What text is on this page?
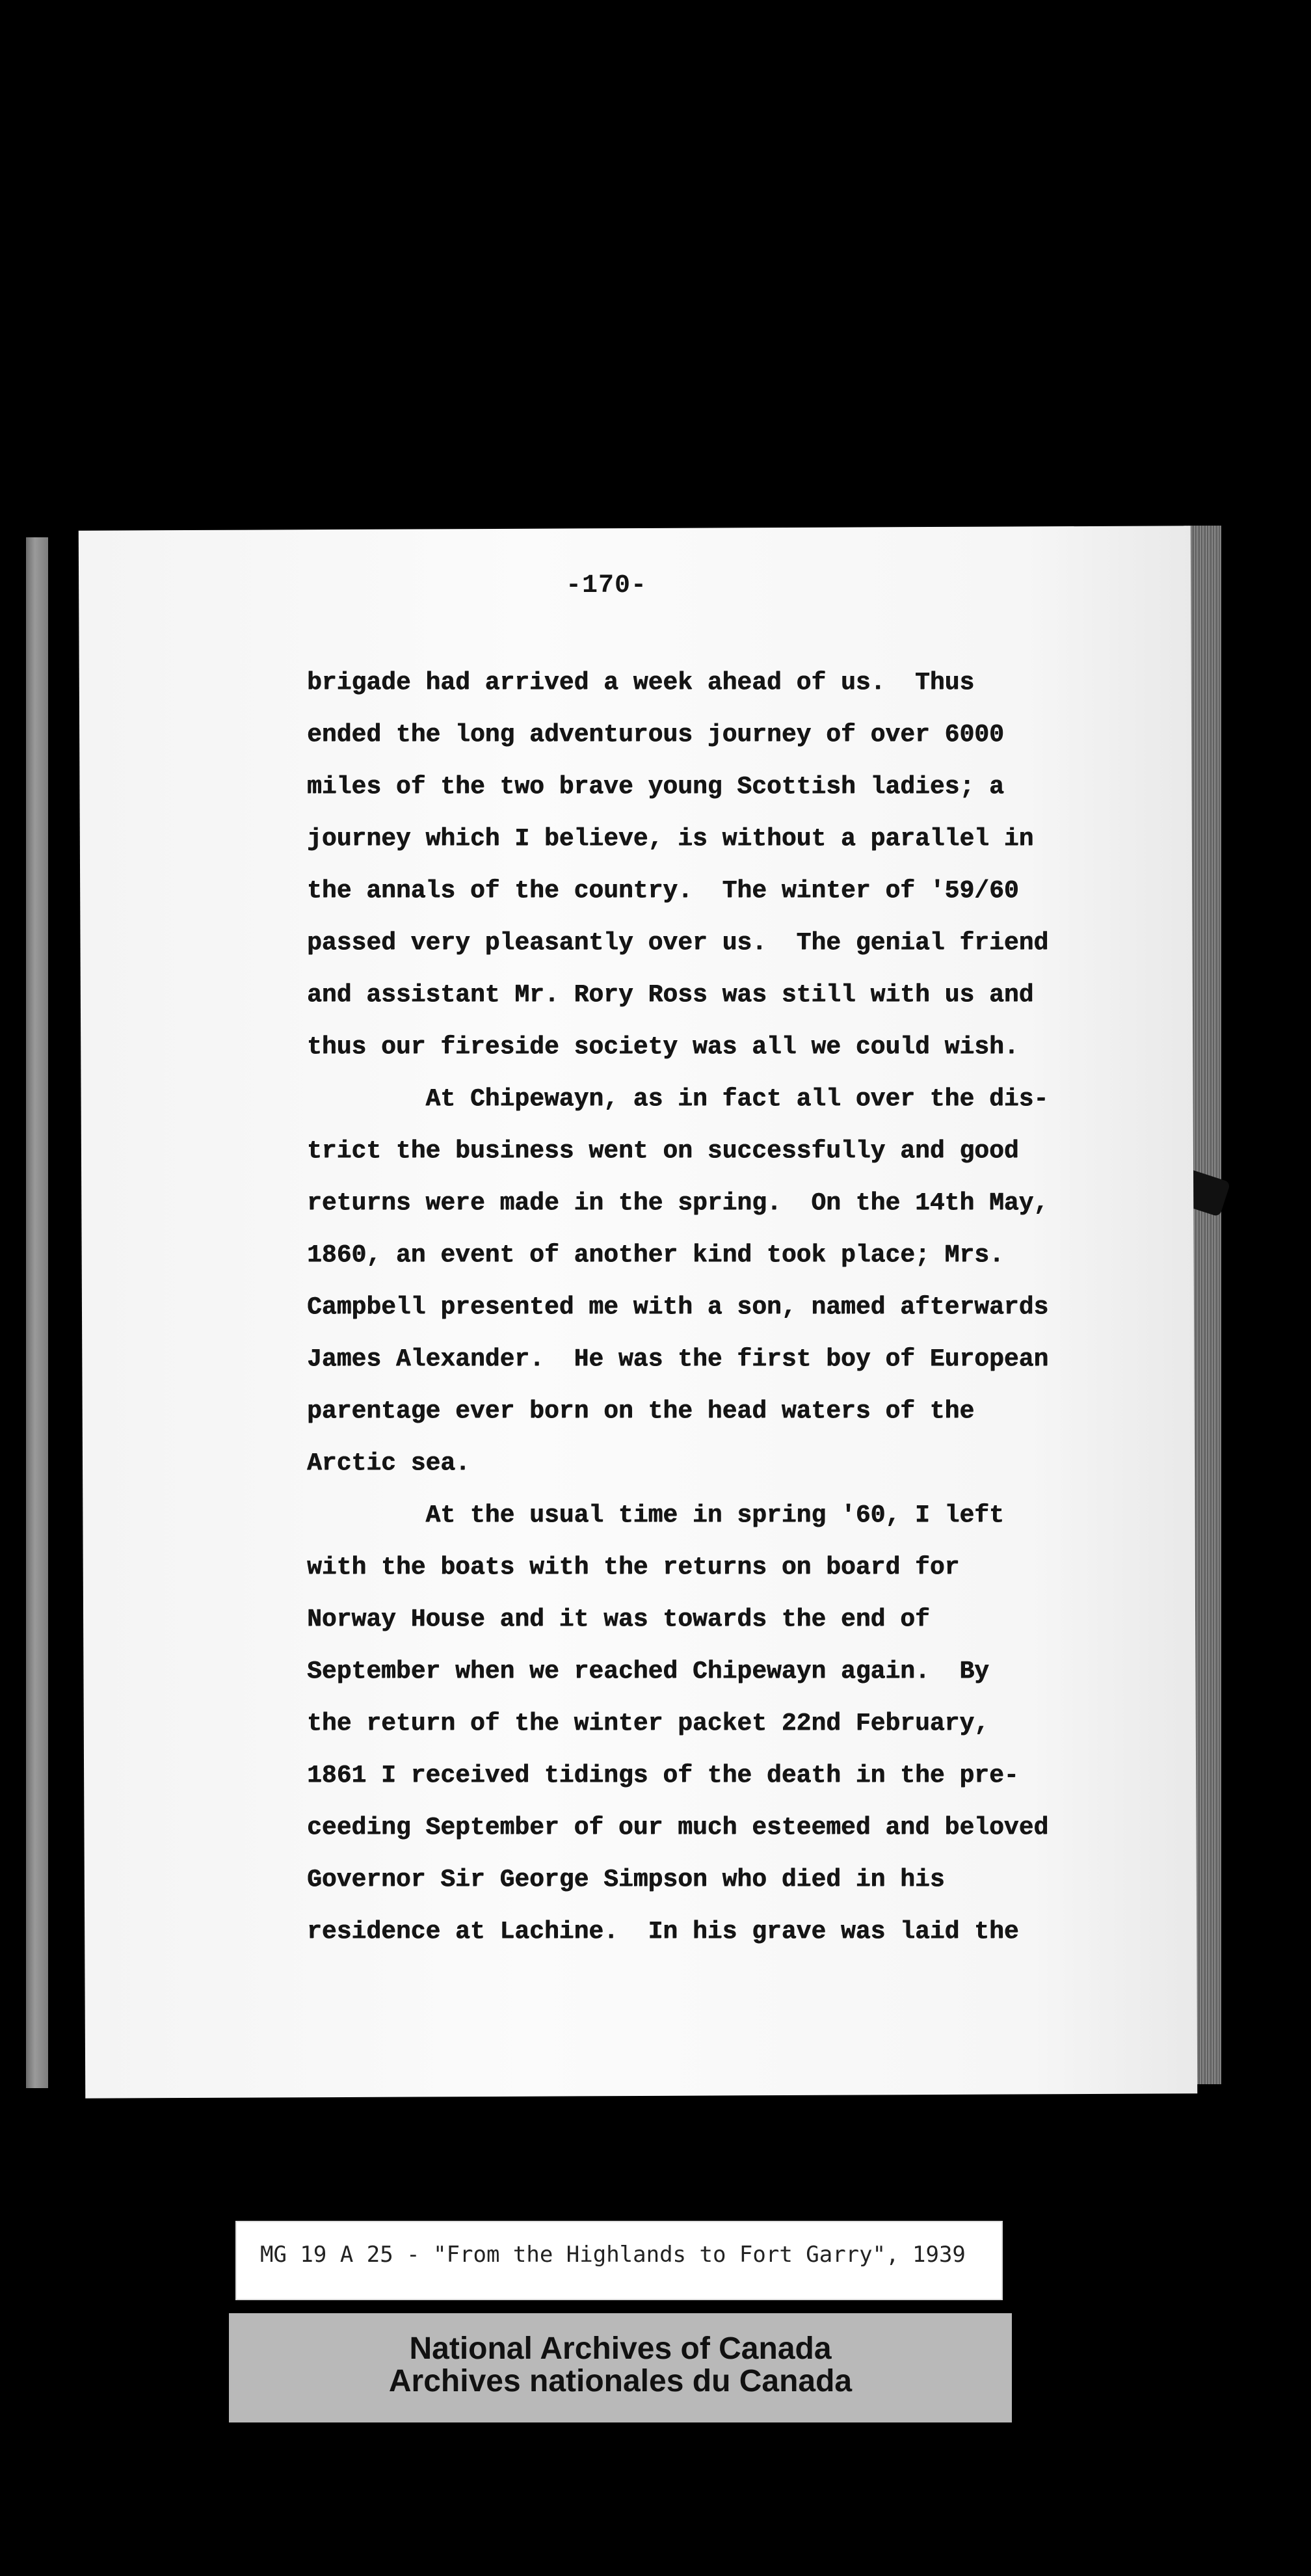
-170-
brigade had arrived a week ahead of us.  Thus
ended the long adventurous journey of over 6000
miles of the two brave young Scottish ladies; a
journey which I believe, is without a parallel in
the annals of the country.  The winter of '59/60
passed very pleasantly over us.  The genial friend
and assistant Mr. Rory Ross was still with us and
thus our fireside society was all we could wish.
At Chipewayn, as in fact all over the dis-
trict the business went on successfully and good
returns were made in the spring.  On the 14th May,
1860, an event of another kind took place; Mrs.
Campbell presented me with a son, named afterwards
James Alexander.  He was the first boy of European
parentage ever born on the head waters of the
Arctic sea.
At the usual time in spring '60, I left
with the boats with the returns on board for
Norway House and it was towards the end of
September when we reached Chipewayn again.  By
the return of the winter packet 22nd February,
1861 I received tidings of the death in the pre-
ceeding September of our much esteemed and beloved
Governor Sir George Simpson who died in his
residence at Lachine.  In his grave was laid the
MG 19 A 25 - "From the Highlands to Fort Garry", 1939
National Archives of Canada
Archives nationales du Canada
